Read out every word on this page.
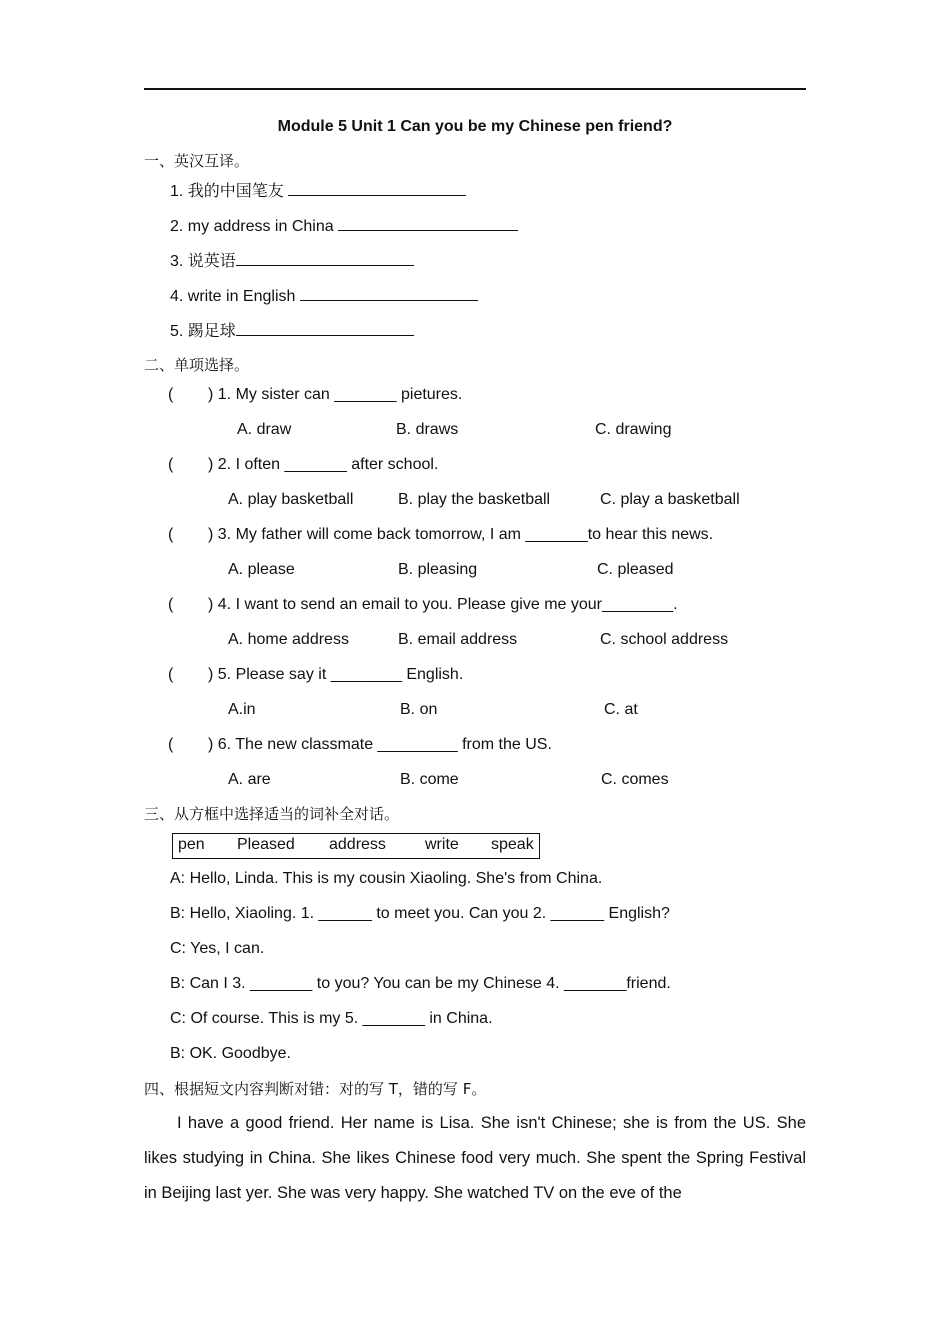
Module 5 Unit 1 Can you be my Chinese pen friend?
一、英汉互译。
1. 我的中国笔友
2. my address in China
3. 说英语
4. write in English
5. 踢足球
二、单项选择。
( ) 1. My sister can _______ pietures.
A. draw	B. draws	C. drawing
( ) 2. I often _______ after school.
A. play basketball	B. play the basketball	C. play a basketball
( ) 3. My father will come back tomorrow, I am _______to hear this news.
A. please	B. pleasing	C. pleased
( ) 4. I want to send an email to you. Please give me your________.
A. home address	B. email address	C. school address
( ) 5. Please say it ________ English.
A.in	B. on	C. at
( ) 6. The new classmate _________ from the US.
A. are	B. come	C. comes
三、从方框中选择适当的词补全对话。
pen Pleased address write speak
A: Hello, Linda. This is my cousin Xiaoling. She's from China.
B: Hello, Xiaoling. 1. ______ to meet you. Can you 2. ______ English?
C: Yes, I can.
B: Can I 3. _______ to you? You can be my Chinese 4. _______friend.
C: Of course. This is my 5. _______ in China.
B: OK. Goodbye.
四、根据短文内容判断对错：对的写 T，错的写 F。
I have a good friend. Her name is Lisa. She isn't Chinese; she is from the US. She likes studying in China. She likes Chinese food very much. She spent the Spring Festival in Beijing last yer. She was very happy. She watched TV on the eve of the
